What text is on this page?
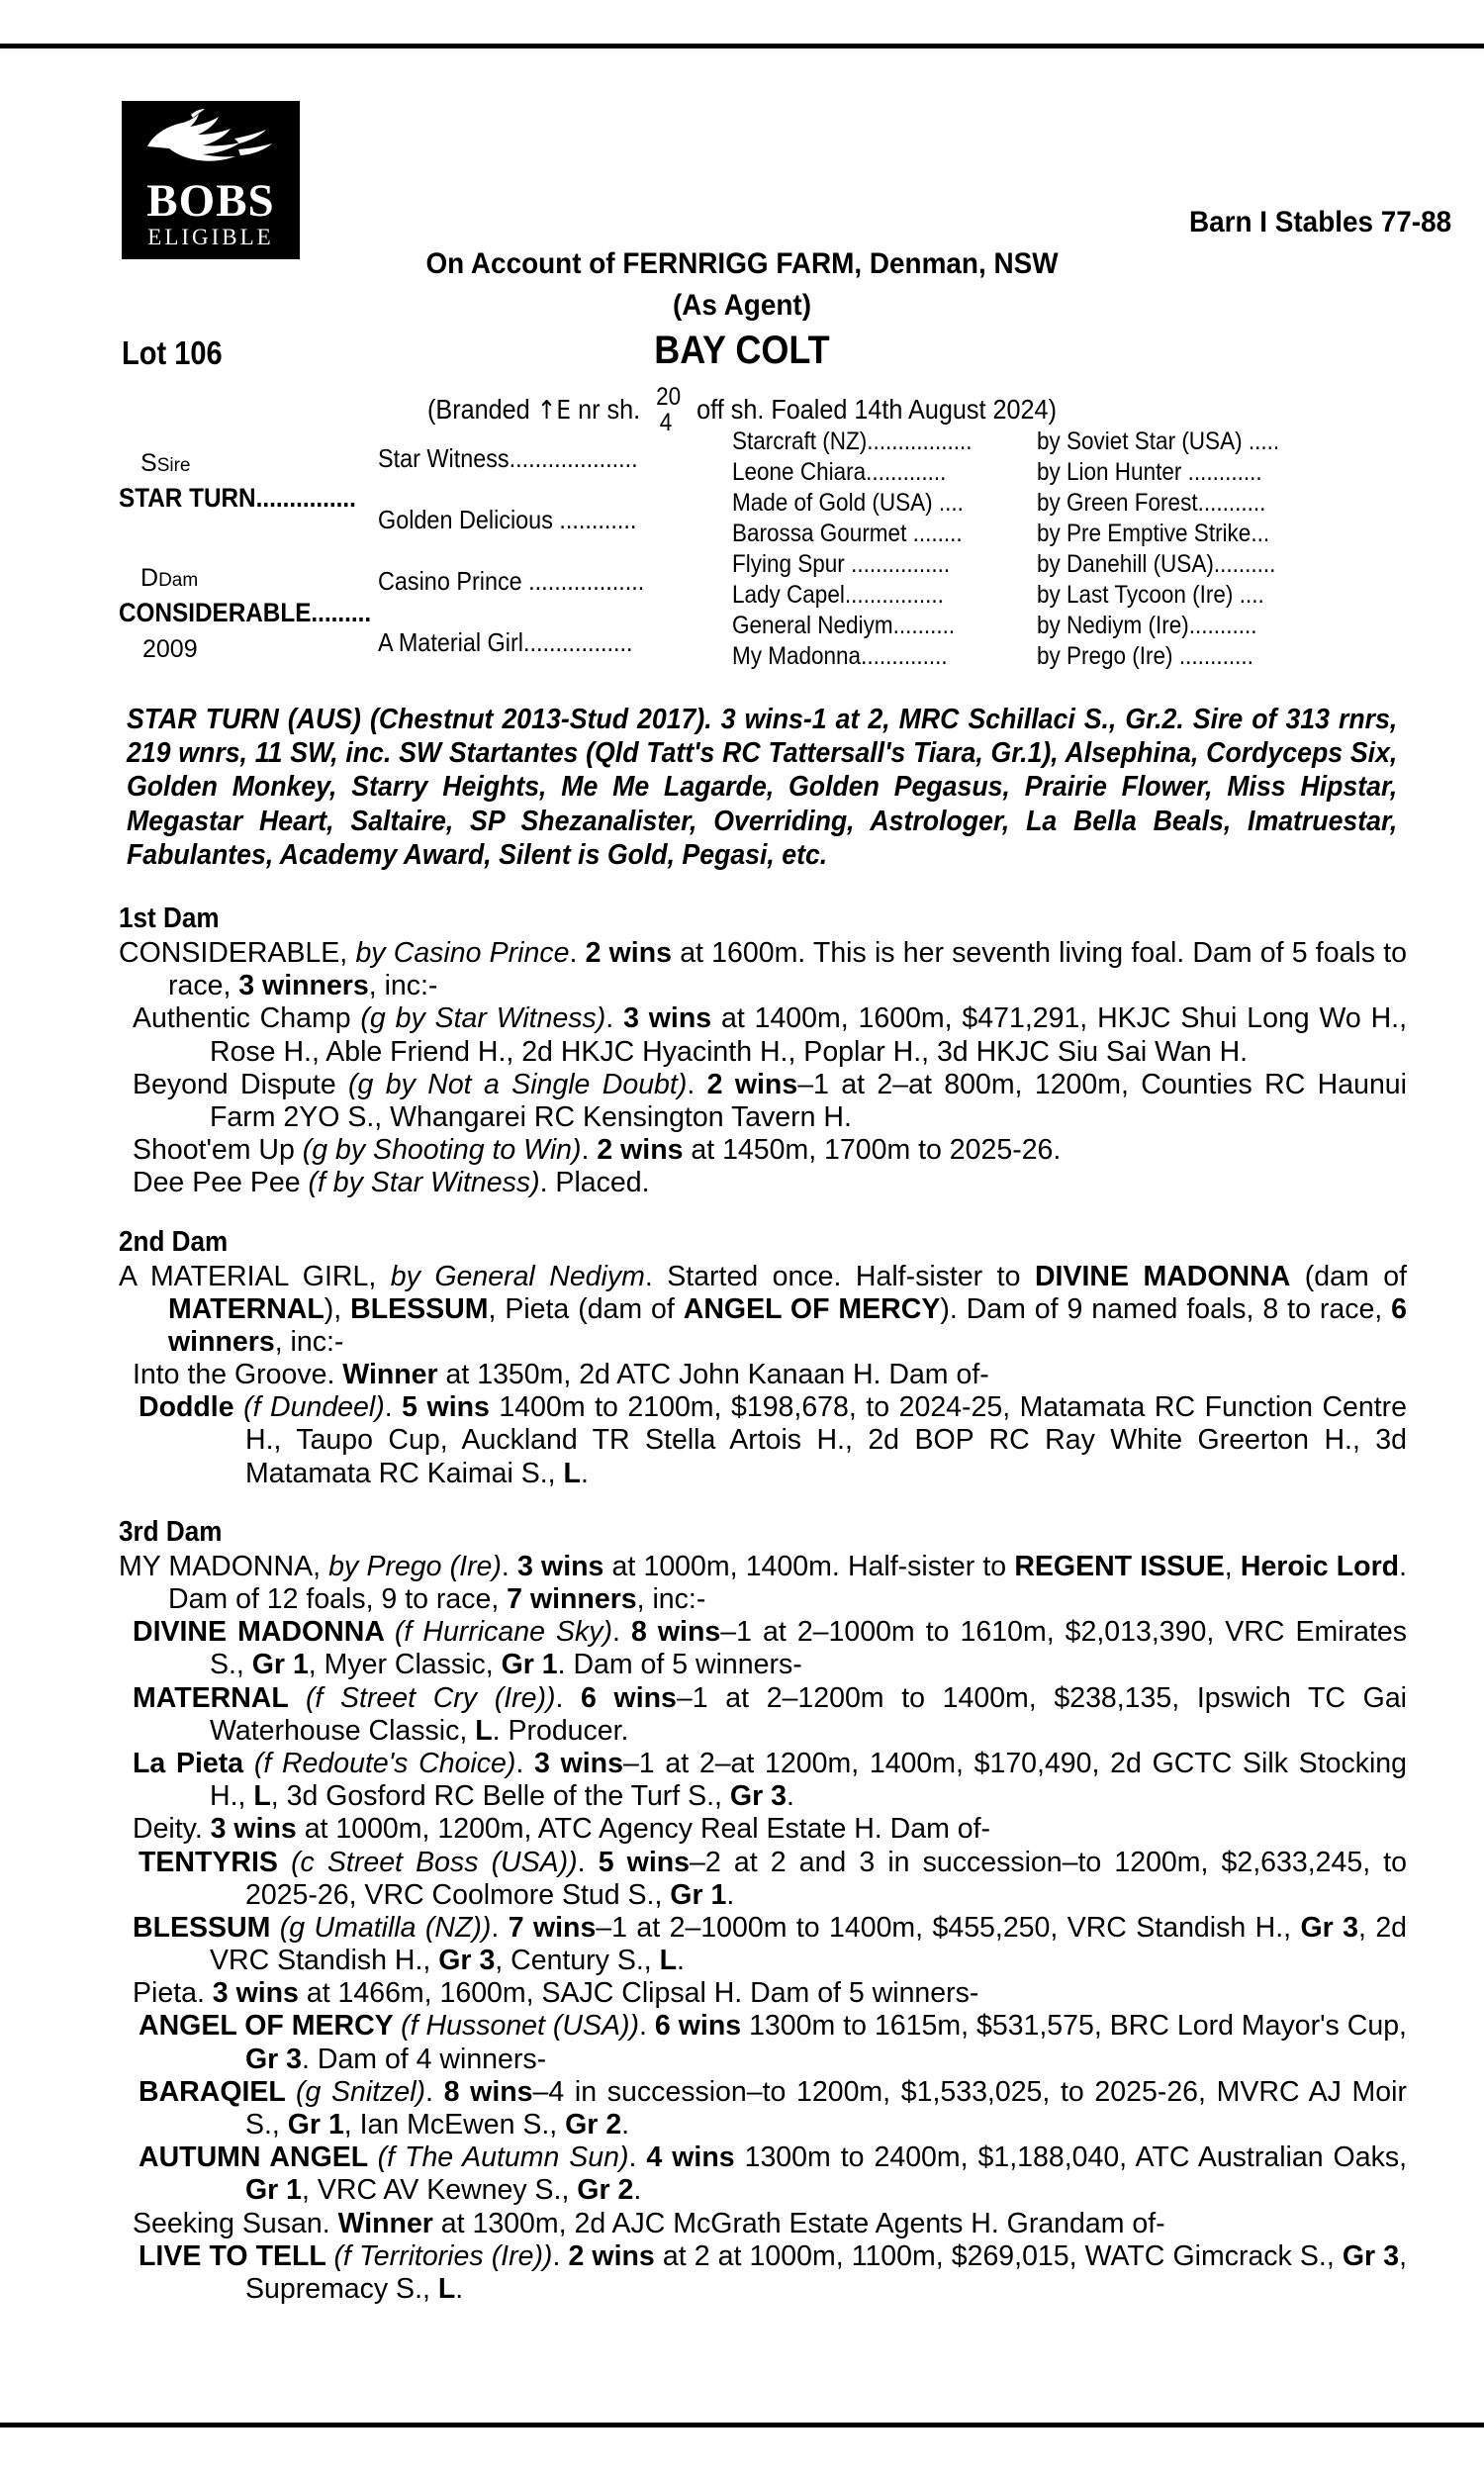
BOBS
ELIGIBLE	Barn I Stables 77-88
On Account of FERNRIGG FARM, Denman, NSW
(As Agent)
Lot 106	BAY COLT
(Branded ↑E nr sh. 20
4 off sh. Foaled 14th August 2024)
SSire
STAR TURN...............
DDam
CONSIDERABLE.........
2009
Star Witness....................
Golden Delicious ............
Casino Prince ..................
A Material Girl.................
Starcraft (NZ).................
Leone Chiara.............
Made of Gold (USA) ....
Barossa Gourmet ........
Flying Spur ................
Lady Capel................
General Nediym..........
My Madonna..............
by Soviet Star (USA) .....
by Lion Hunter ............
by Green Forest...........
by Pre Emptive Strike...
by Danehill (USA)..........
by Last Tycoon (Ire) ....
by Nediym (Ire)...........
by Prego (Ire) ............
STAR TURN (AUS) (Chestnut 2013-Stud 2017). 3 wins-1 at 2, MRC Schillaci S., Gr.2. Sire of 313 rnrs, 219 wnrs, 11 SW, inc. SW Startantes (Qld Tatt's RC Tattersall's Tiara, Gr.1), Alsephina, Cordyceps Six, Golden Monkey, Starry Heights, Me Me Lagarde, Golden Pegasus, Prairie Flower, Miss Hipstar, Megastar Heart, Saltaire, SP Shezanalister, Overriding, Astrologer, La Bella Beals, Imatruestar, Fabulantes, Academy Award, Silent is Gold, Pegasi, etc.
1st Dam

CONSIDERABLE, by Casino Prince. 2 wins at 1600m. This is her seventh living foal. Dam of 5 foals to race, 3 winners, inc:-

Authentic Champ (g by Star Witness). 3 wins at 1400m, 1600m, $471,291, HKJC Shui Long Wo H., Rose H., Able Friend H., 2d HKJC Hyacinth H., Poplar H., 3d HKJC Siu Sai Wan H.

Beyond Dispute (g by Not a Single Doubt). 2 wins–1 at 2–at 800m, 1200m, Counties RC Haunui Farm 2YO S., Whangarei RC Kensington Tavern H.

Shoot'em Up (g by Shooting to Win). 2 wins at 1450m, 1700m to 2025-26.

Dee Pee Pee (f by Star Witness). Placed.

2nd Dam

A MATERIAL GIRL, by General Nediym. Started once. Half-sister to DIVINE MADONNA (dam of MATERNAL), BLESSUM, Pieta (dam of ANGEL OF MERCY). Dam of 9 named foals, 8 to race, 6 winners, inc:-

Into the Groove. Winner at 1350m, 2d ATC John Kanaan H. Dam of-

Doddle (f Dundeel). 5 wins 1400m to 2100m, $198,678, to 2024-25, Matamata RC Function Centre H., Taupo Cup, Auckland TR Stella Artois H., 2d BOP RC Ray White Greerton H., 3d Matamata RC Kaimai S., L.

3rd Dam

MY MADONNA, by Prego (Ire). 3 wins at 1000m, 1400m. Half-sister to REGENT ISSUE, Heroic Lord. Dam of 12 foals, 9 to race, 7 winners, inc:-

DIVINE MADONNA (f Hurricane Sky). 8 wins–1 at 2–1000m to 1610m, $2,013,390, VRC Emirates S., Gr 1, Myer Classic, Gr 1. Dam of 5 winners-

MATERNAL (f Street Cry (Ire)). 6 wins–1 at 2–1200m to 1400m, $238,135, Ipswich TC Gai Waterhouse Classic, L. Producer.

La Pieta (f Redoute's Choice). 3 wins–1 at 2–at 1200m, 1400m, $170,490, 2d GCTC Silk Stocking H., L, 3d Gosford RC Belle of the Turf S., Gr 3.

Deity. 3 wins at 1000m, 1200m, ATC Agency Real Estate H. Dam of-

TENTYRIS (c Street Boss (USA)). 5 wins–2 at 2 and 3 in succession–to 1200m, $2,633,245, to 2025-26, VRC Coolmore Stud S., Gr 1.

BLESSUM (g Umatilla (NZ)). 7 wins–1 at 2–1000m to 1400m, $455,250, VRC Standish H., Gr 3, 2d VRC Standish H., Gr 3, Century S., L.

Pieta. 3 wins at 1466m, 1600m, SAJC Clipsal H. Dam of 5 winners-

ANGEL OF MERCY (f Hussonet (USA)). 6 wins 1300m to 1615m, $531,575, BRC Lord Mayor's Cup, Gr 3. Dam of 4 winners-

BARAQIEL (g Snitzel). 8 wins–4 in succession–to 1200m, $1,533,025, to 2025-26, MVRC AJ Moir S., Gr 1, Ian McEwen S., Gr 2.

AUTUMN ANGEL (f The Autumn Sun). 4 wins 1300m to 2400m, $1,188,040, ATC Australian Oaks, Gr 1, VRC AV Kewney S., Gr 2.

Seeking Susan. Winner at 1300m, 2d AJC McGrath Estate Agents H. Grandam of-

LIVE TO TELL (f Territories (Ire)). 2 wins at 2 at 1000m, 1100m, $269,015, WATC Gimcrack S., Gr 3, Supremacy S., L.
